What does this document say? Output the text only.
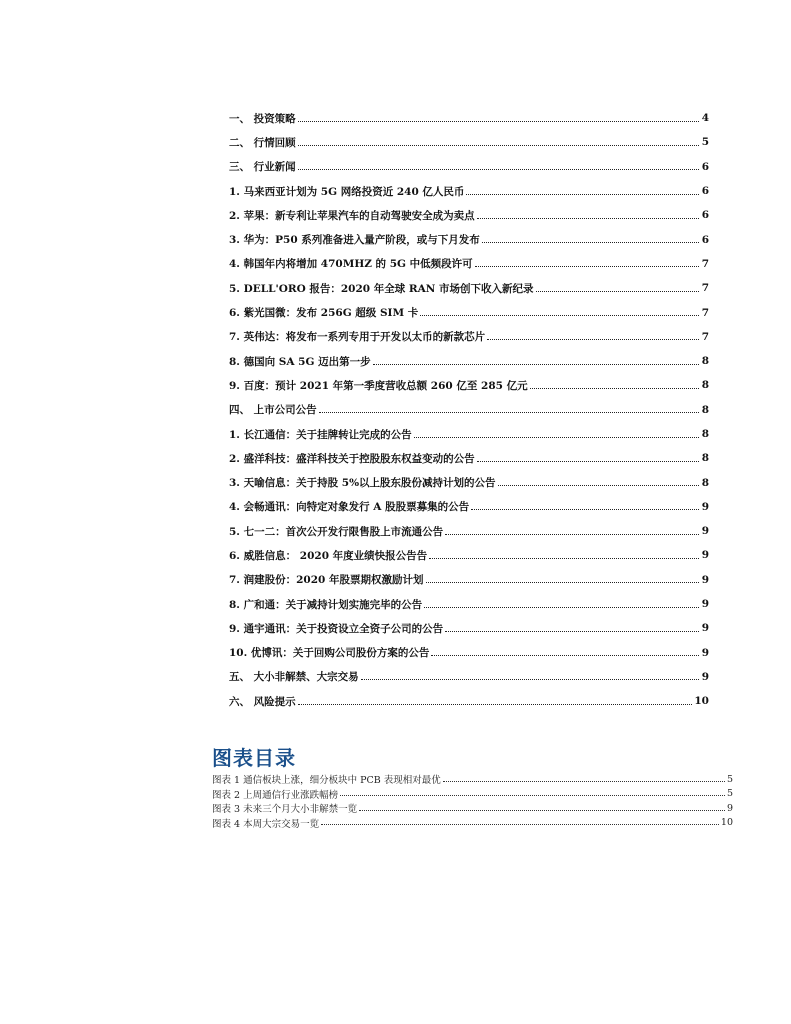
一、 投资策略	4
二、 行情回顾	5
三、 行业新闻	6
1. 马来西亚计划为 5G 网络投资近 240 亿人民币	6
2. 苹果：新专利让苹果汽车的自动驾驶安全成为卖点	6
3. 华为：P50 系列准备进入量产阶段，或与下月发布	6
4. 韩国年内将增加 470MHZ 的 5G 中低频段许可	7
5. DELL'ORO 报告：2020 年全球 RAN 市场创下收入新纪录	7
6. 紫光国微：发布 256G 超级 SIM 卡	7
7. 英伟达：将发布一系列专用于开发以太币的新款芯片	7
8. 德国向 SA 5G 迈出第一步	8
9. 百度：预计 2021 年第一季度营收总额 260 亿至 285 亿元	8
四、 上市公司公告	8
1. 长江通信：关于挂牌转让完成的公告	8
2. 盛洋科技：盛洋科技关于控股股东权益变动的公告	8
3. 天喻信息：关于持股 5%以上股东股份减持计划的公告	8
4. 会畅通讯：向特定对象发行 A 股股票募集的公告	9
5. 七一二：首次公开发行限售股上市流通公告	9
6. 威胜信息： 2020 年度业绩快报公告告	9
7. 润建股份：2020 年股票期权激励计划	9
8. 广和通：关于减持计划实施完毕的公告	9
9. 通宇通讯：关于投资设立全资子公司的公告	9
10. 优博讯：关于回购公司股份方案的公告	9
五、 大小非解禁、大宗交易	9
六、 风险提示	10
图表目录
图表 1 通信板块上涨，细分板块中 PCB 表现相对最优	5
图表 2 上周通信行业涨跌幅榜	5
图表 3 未来三个月大小非解禁一览	9
图表 4 本周大宗交易一览	10
